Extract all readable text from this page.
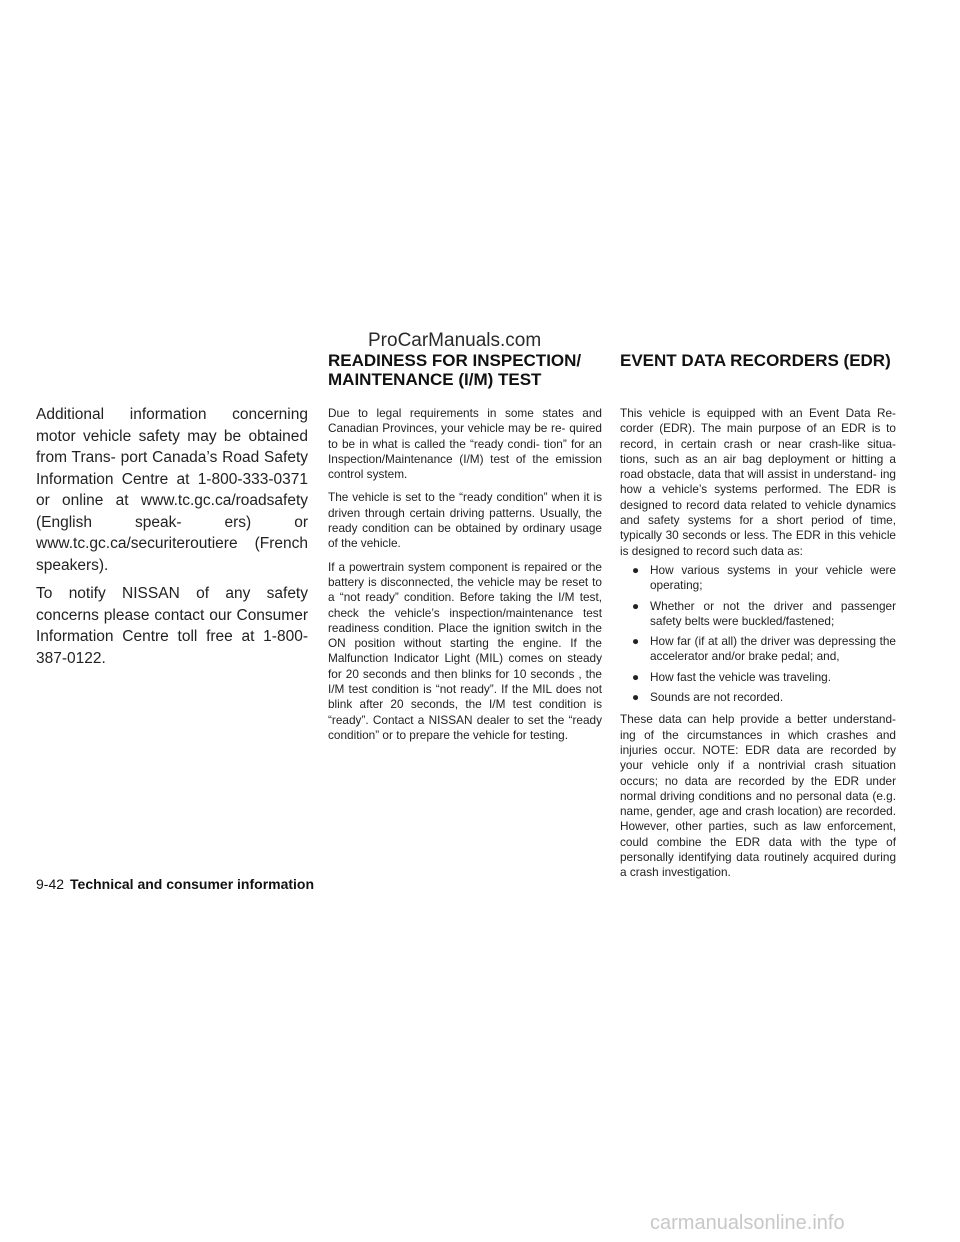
ProCarManuals.com
READINESS FOR INSPECTION/ MAINTENANCE (I/M) TEST
EVENT DATA RECORDERS (EDR)

Additional information concerning motor vehicle safety may be obtained from Trans- port Canada’s Road Safety Information Centre at 1-800-333-0371 or online at www.tc.gc.ca/roadsafety (English speak- ers) or www.tc.gc.ca/securiteroutiere (French speakers).

To notify NISSAN of any safety concerns please contact our Consumer Information Centre toll free at 1-800-387-0122.

Due to legal requirements in some states and Canadian Provinces, your vehicle may be re- quired to be in what is called the “ready condi- tion” for an Inspection/Maintenance (I/M) test of the emission control system.

The vehicle is set to the “ready condition” when it is driven through certain driving patterns. Usually, the ready condition can be obtained by ordinary usage of the vehicle.

If a powertrain system component is repaired or the battery is disconnected, the vehicle may be reset to a “not ready” condition. Before taking the I/M test, check the vehicle’s inspection/maintenance test readiness condition. Place the ignition switch in the ON position without starting the engine. If the Malfunction Indicator Light (MIL) comes on steady for 20 seconds and then blinks for 10 seconds , the I/M test condition is “not ready”. If the MIL does not blink after 20 seconds, the I/M test condition is “ready”. Contact a NISSAN dealer to set the “ready condition” or to prepare the vehicle for testing.

This vehicle is equipped with an Event Data Re- corder (EDR). The main purpose of an EDR is to record, in certain crash or near crash-like situa- tions, such as an air bag deployment or hitting a road obstacle, data that will assist in understand- ing how a vehicle’s systems performed. The EDR is designed to record data related to vehicle dynamics and safety systems for a short period of time, typically 30 seconds or less. The EDR in this vehicle is designed to record such data as:

● How various systems in your vehicle were operating;
● Whether or not the driver and passenger safety belts were buckled/fastened;
● How far (if at all) the driver was depressing the accelerator and/or brake pedal; and,
● How fast the vehicle was traveling.
● Sounds are not recorded.

These data can help provide a better understand- ing of the circumstances in which crashes and injuries occur. NOTE: EDR data are recorded by your vehicle only if a nontrivial crash situation occurs; no data are recorded by the EDR under normal driving conditions and no personal data (e.g. name, gender, age and crash location) are recorded. However, other parties, such as law enforcement, could combine the EDR data with the type of personally identifying data routinely acquired during a crash investigation.

9-42 Technical and consumer information
carmanualsonline.info
